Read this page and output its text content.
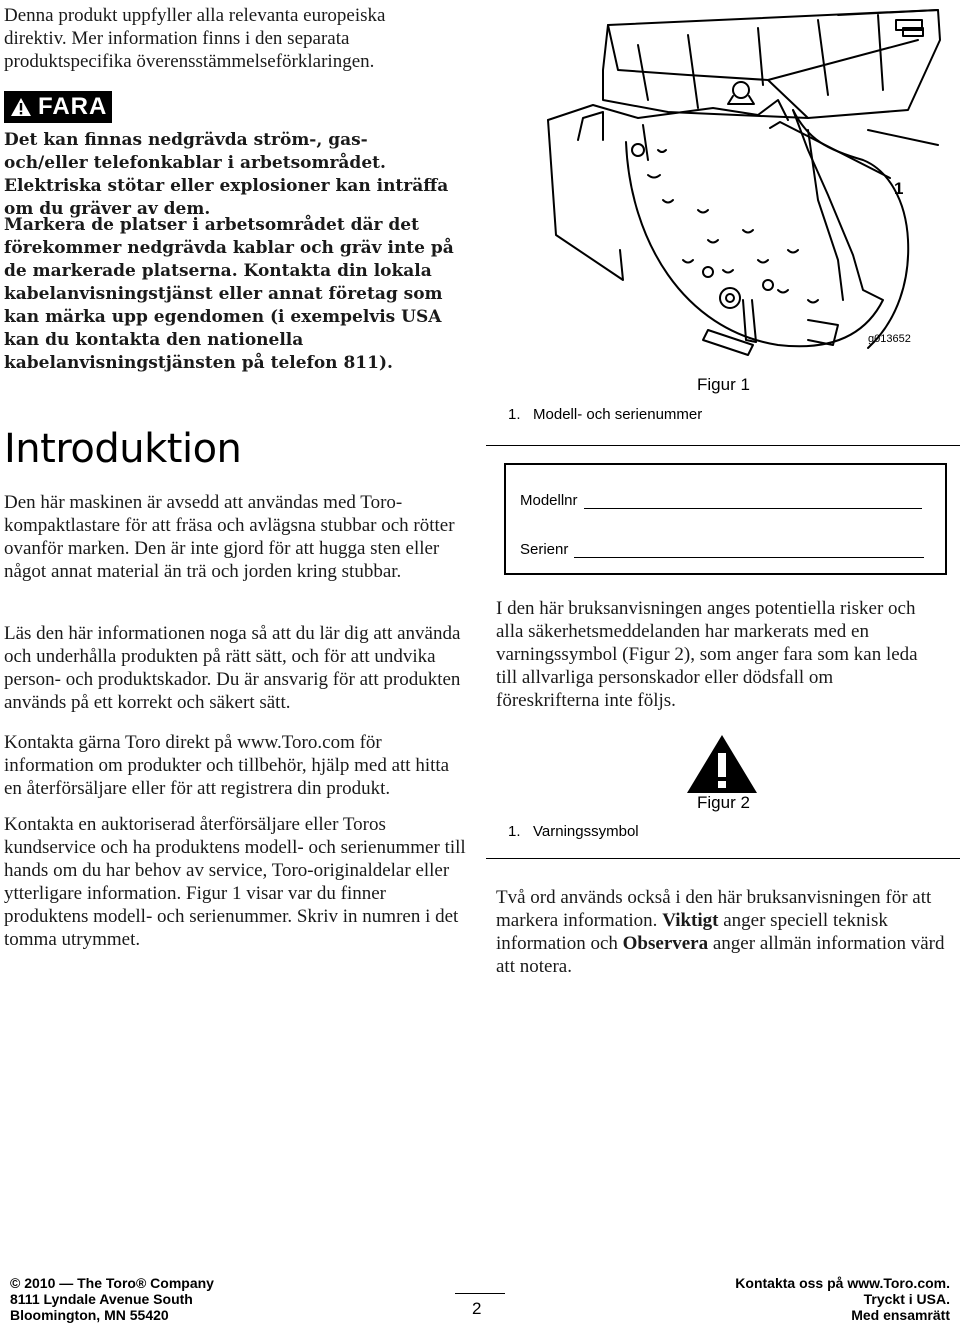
Denna produkt uppfyller alla relevanta europeiska direktiv. Mer information finns i den separata produktspecifika överensstämmelseförklaringen.
FARA
Det kan finnas nedgrävda ström-, gas- och/eller telefonkablar i arbetsområdet. Elektriska stötar eller explosioner kan inträffa om du gräver av dem.
Markera de platser i arbetsområdet där det förekommer nedgrävda kablar och gräv inte på de markerade platserna. Kontakta din lokala kabelanvisningstjänst eller annat företag som kan märka upp egendomen (i exempelvis USA kan du kontakta den nationella kabelanvisningstjänsten på telefon 811).
Introduktion
Den här maskinen är avsedd att användas med Toro-kompaktlastare för att fräsa och avlägsna stubbar och rötter ovanför marken. Den är inte gjord för att hugga sten eller något annat material än trä och jorden kring stubbar.
Läs den här informationen noga så att du lär dig att använda och underhålla produkten på rätt sätt, och för att undvika person- och produktskador. Du är ansvarig för att produkten används på ett korrekt och säkert sätt.
Kontakta gärna Toro direkt på www.Toro.com för information om produkter och tillbehör, hjälp med att hitta en återförsäljare eller för att registrera din produkt.
Kontakta en auktoriserad återförsäljare eller Toros kundservice och ha produktens modell- och serienummer till hands om du har behov av service, Toro-originaldelar eller ytterligare information. Figur 1 visar var du finner produktens modell- och serienummer. Skriv in numren i det tomma utrymmet.
1
g013652
Figur 1
1.   Modell- och serienummer
Modellnr
Serienr
I den här bruksanvisningen anges potentiella risker och alla säkerhetsmeddelanden har markerats med en varningssymbol (Figur 2), som anger fara som kan leda till allvarliga personskador eller dödsfall om föreskrifterna inte följs.
Figur 2
1.   Varningssymbol
Två ord används också i den här bruksanvisningen för att markera information. Viktigt anger speciell teknisk information och Observera anger allmän information värd att notera.
© 2010 — The Toro® Company
8111 Lyndale Avenue South
Bloomington, MN 55420	2
Kontakta oss på www.Toro.com.
Tryckt i USA.
Med ensamrätt
